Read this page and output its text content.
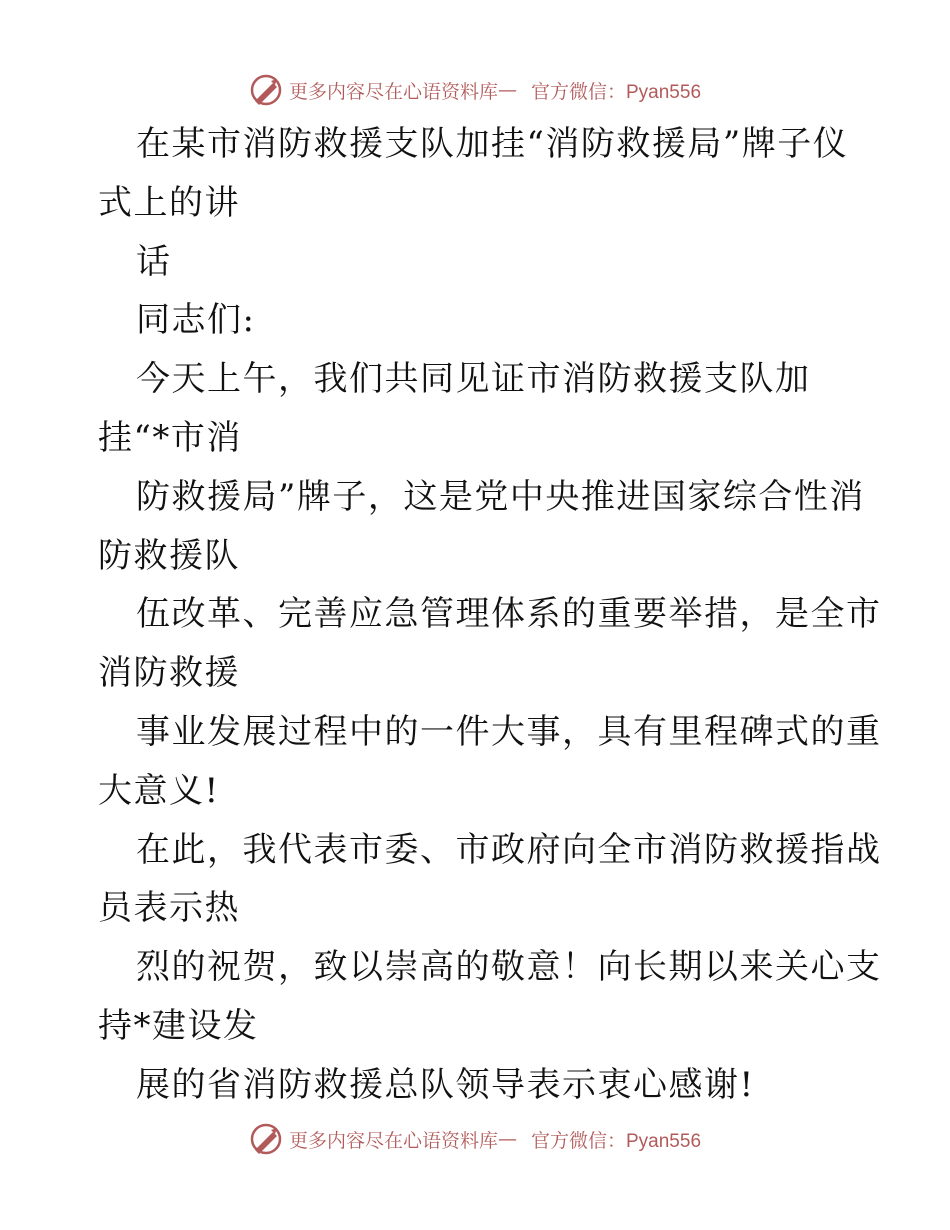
更多内容尽在心语资料库 — 官方微信：Pyan556
在某市消防救援支队加挂“消防救援局”牌子仪
式上的讲
话
同志们:
今天上午，我们共同见证市消防救援支队加
挂“*市消
防救援局”牌子，这是党中央推进国家综合性消
防救援队
伍改革、完善应急管理体系的重要举措，是全市
消防救援
事业发展过程中的一件大事，具有里程碑式的重
大意义!
在此，我代表市委、市政府向全市消防救援指战
员表示热
烈的祝贺，致以崇高的敬意！向长期以来关心支
持*建设发
展的省消防救援总队领导表示衷心感谢!
更多内容尽在心语资料库 — 官方微信：Pyan556
